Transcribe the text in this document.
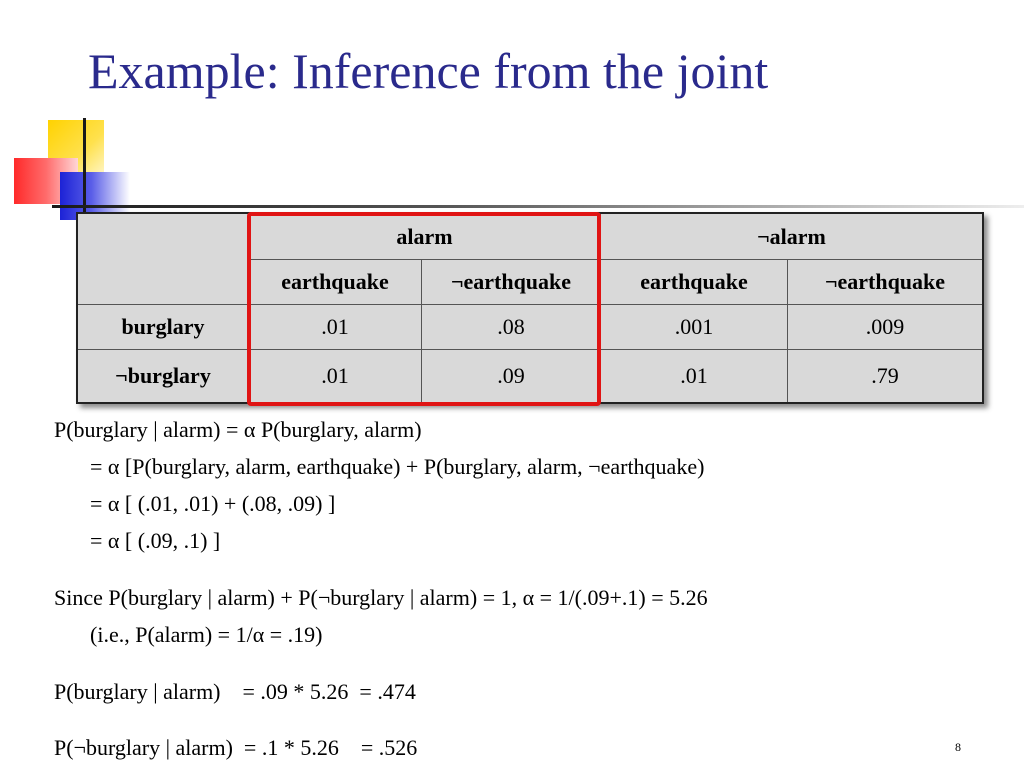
Example: Inference from the joint
	alarm		¬alarm	
	earthquake	¬earthquake	earthquake	¬earthquake
burglary	.01	.08	.001	.009
¬burglary	.01	.09	.01	.79
P(burglary | alarm) = α P(burglary, alarm)
= α [P(burglary, alarm, earthquake) + P(burglary, alarm, ¬earthquake)
= α [ (.01, .01) + (.08, .09) ]
= α [ (.09, .1) ]
Since P(burglary | alarm) + P(¬burglary | alarm) = 1, α = 1/(.09+.1) = 5.26
(i.e., P(alarm) = 1/α = .19)
P(burglary | alarm)    = .09 * 5.26  = .474
P(¬burglary | alarm)  = .1 * 5.26    = .526	8
